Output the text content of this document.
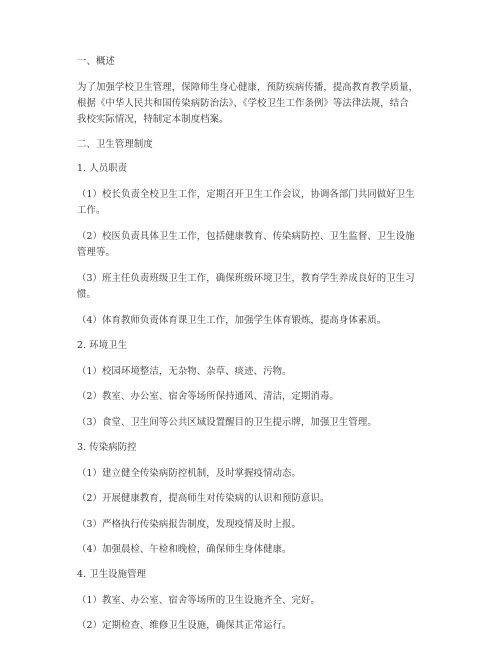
一、概述
为了加强学校卫生管理，保障师生身心健康，预防疾病传播，提高教育教学质量，
根据《中华人民共和国传染病防治法》、《学校卫生工作条例》等法律法规，结合
我校实际情况，特制定本制度档案。
二、卫生管理制度
1. 人员职责
（1）校长负责全校卫生工作，定期召开卫生工作会议，协调各部门共同做好卫生
工作。
（2）校医负责具体卫生工作，包括健康教育、传染病防控、卫生监督、卫生设施
管理等。
（3）班主任负责班级卫生工作，确保班级环境卫生，教育学生养成良好的卫生习
惯。
（4）体育教师负责体育课卫生工作，加强学生体育锻炼，提高身体素质。
2. 环境卫生
（1）校园环境整洁，无杂物、杂草、痰迹、污物。
（2）教室、办公室、宿舍等场所保持通风、清洁，定期消毒。
（3）食堂、卫生间等公共区域设置醒目的卫生提示牌，加强卫生管理。
3. 传染病防控
（1）建立健全传染病防控机制，及时掌握疫情动态。
（2）开展健康教育，提高师生对传染病的认识和预防意识。
（3）严格执行传染病报告制度，发现疫情及时上报。
（4）加强晨检、午检和晚检，确保师生身体健康。
4. 卫生设施管理
（1）教室、办公室、宿舍等场所的卫生设施齐全、完好。
（2）定期检查、维修卫生设施，确保其正常运行。
